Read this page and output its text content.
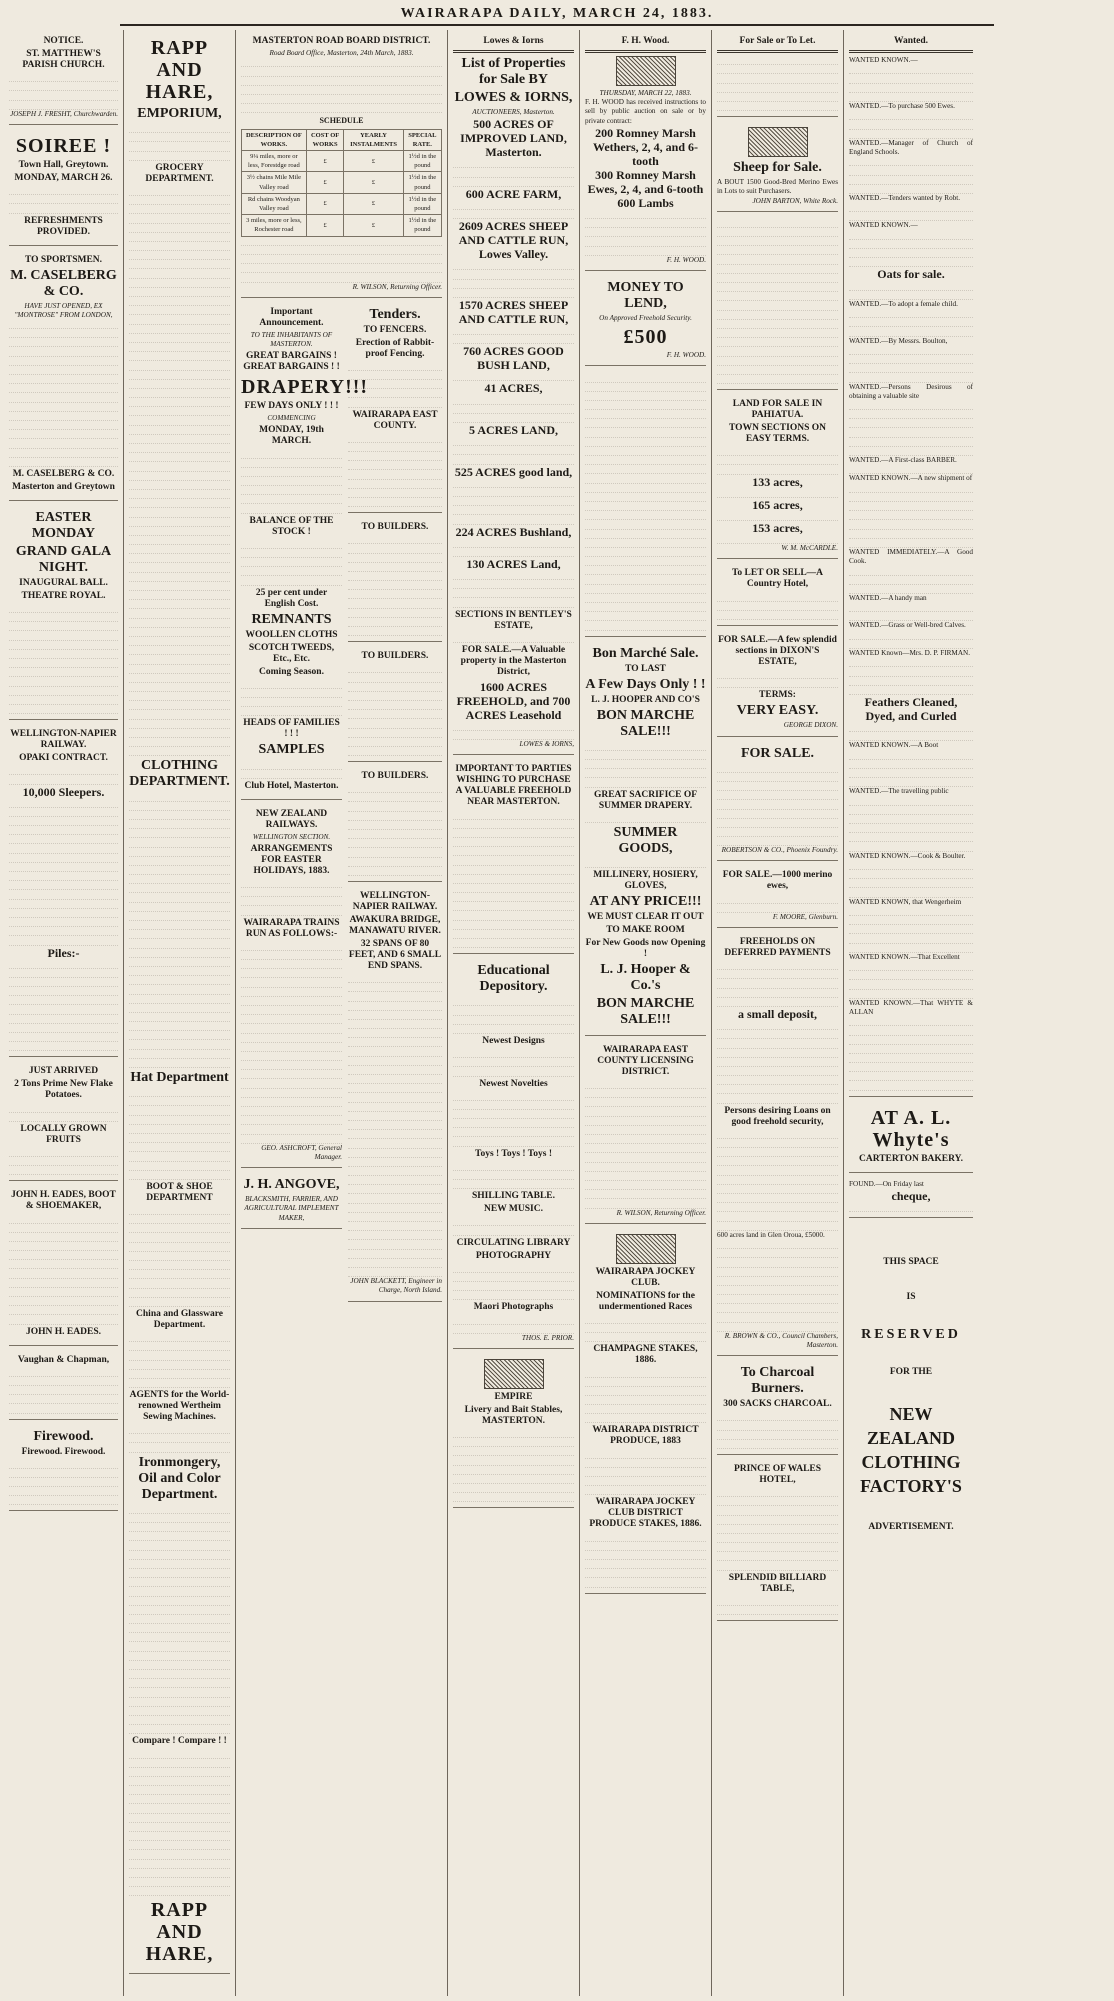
WAIRARAPA DAILY, MARCH 24, 1883.
NOTICE.
ST. MATTHEW'S PARISH CHURCH.
JOSEPH J. FRESHT, Churchwarden.
SOIREE !
Town Hall, Greytown.
MONDAY, MARCH 26.
REFRESHMENTS PROVIDED.
TO SPORTSMEN.
M. CASELBERG & CO.
HAVE JUST OPENED, EX "MONTROSE" FROM LONDON,
M. CASELBERG & CO.
Masterton and Greytown
EASTER MONDAY
GRAND GALA NIGHT.
INAUGURAL BALL.
THEATRE ROYAL.
WELLINGTON-NAPIER RAILWAY.
OPAKI CONTRACT.
10,000 Sleepers.
Piles:-
JUST ARRIVED
2 Tons Prime New Flake Potatoes.
LOCALLY GROWN FRUITS
JOHN H. EADES, BOOT & SHOEMAKER,
JOHN H. EADES.
Vaughan & Chapman,
Firewood.
Firewood. Firewood.
RAPP AND HARE,
EMPORIUM,
GROCERY DEPARTMENT.
CLOTHING DEPARTMENT.
Hat Department
BOOT & SHOE DEPARTMENT
China and Glassware Department.
AGENTS for the World-renowned Wertheim Sewing Machines.
Ironmongery, Oil and Color Department.
Compare ! Compare ! !
RAPP AND HARE,
MASTERTON ROAD BOARD DISTRICT.
Road Board Office, Masterton, 24th March, 1883.
SCHEDULE
DESCRIPTION OF WORKS.	COST OF WORKS	YEARLY INSTALMENTS	SPECIAL RATE.
9¼ miles, more or less, Forestdge road	£	£	1½d in the pound
3½ chains Mile Mile Valley road	£	£	1½d in the pound
Rd chains Woodyan Valley road	£	£	1½d in the pound
3 miles, more or less, Rochester road	£	£	1½d in the pound
R. WILSON, Returning Officer.
Important Announcement.
TO THE INHABITANTS OF MASTERTON.
GREAT BARGAINS ! GREAT BARGAINS ! !
DRAPERY!!!
FEW DAYS ONLY ! ! !
COMMENCING
MONDAY, 19th MARCH.
BALANCE OF THE STOCK !
25 per cent under English Cost.
REMNANTS
WOOLLEN CLOTHS
SCOTCH TWEEDS, Etc., Etc.
Coming Season.
HEADS OF FAMILIES ! ! !
SAMPLES
Club Hotel, Masterton.
NEW ZEALAND RAILWAYS.
WELLINGTON SECTION.
ARRANGEMENTS FOR EASTER HOLIDAYS, 1883.
WAIRARAPA TRAINS RUN AS FOLLOWS:-
GEO. ASHCROFT, General Manager.
J. H. ANGOVE,
BLACKSMITH, FARRIER, AND AGRICULTURAL IMPLEMENT MAKER,
Tenders.
TO FENCERS.
Erection of Rabbit-proof Fencing.
WAIRARAPA EAST COUNTY.
TO BUILDERS.
TO BUILDERS.
TO BUILDERS.
WELLINGTON-NAPIER RAILWAY.
AWAKURA BRIDGE, MANAWATU RIVER.
32 SPANS OF 80 FEET, AND 6 SMALL END SPANS.
JOHN BLACKETT, Engineer in Charge, North Island.
Lowes & Iorns
List of Properties for Sale BY
LOWES & IORNS,
AUCTIONEERS, Masterton.
500 ACRES OF IMPROVED LAND, Masterton.
600 ACRE FARM,
2609 ACRES SHEEP AND CATTLE RUN, Lowes Valley.
1570 ACRES SHEEP AND CATTLE RUN,
760 ACRES GOOD BUSH LAND,
41 ACRES,
5 ACRES LAND,
525 ACRES good land,
224 ACRES Bushland,
130 ACRES Land,
SECTIONS IN BENTLEY'S ESTATE,
FOR SALE.—A Valuable property in the Masterton District,
1600 ACRES FREEHOLD, and 700 ACRES Leasehold
LOWES & IORNS,
IMPORTANT TO PARTIES WISHING TO PURCHASE A VALUABLE FREEHOLD NEAR MASTERTON.
Educational Depository.
Newest Designs
Newest Novelties
Toys ! Toys ! Toys !
SHILLING TABLE.
NEW MUSIC.
CIRCULATING LIBRARY
PHOTOGRAPHY
Maori Photographs
THOS. E. PRIOR.
EMPIRE
Livery and Bait Stables, MASTERTON.
F. H. Wood.
THURSDAY, MARCH 22, 1883.
F. H. WOOD has received instructions to sell by public auction on sale or by private contract:
200 Romney Marsh Wethers, 2, 4, and 6-tooth
300 Romney Marsh Ewes, 2, 4, and 6-tooth
600 Lambs
F. H. WOOD.
MONEY TO LEND,
On Approved Freehold Security.
£500
F. H. WOOD.
Bon Marché Sale.
TO LAST
A Few Days Only ! !
L. J. HOOPER AND CO'S
BON MARCHE SALE!!!
GREAT SACRIFICE OF SUMMER DRAPERY.
SUMMER GOODS,
MILLINERY, HOSIERY, GLOVES,
AT ANY PRICE!!!
WE MUST CLEAR IT OUT
TO MAKE ROOM
For New Goods now Opening !
L. J. Hooper & Co.'s
BON MARCHE SALE!!!
WAIRARAPA EAST COUNTY LICENSING DISTRICT.
R. WILSON, Returning Officer.
WAIRARAPA JOCKEY CLUB.
NOMINATIONS for the undermentioned Races
CHAMPAGNE STAKES, 1886.
WAIRARAPA DISTRICT PRODUCE, 1883
WAIRARAPA JOCKEY CLUB DISTRICT PRODUCE STAKES, 1886.
For Sale or To Let.
Sheep for Sale.
A BOUT 1500 Good-Bred Merino Ewes in Lots to suit Purchasers.
JOHN BARTON, White Rock.
LAND FOR SALE IN PAHIATUA.
TOWN SECTIONS ON EASY TERMS.
133 acres,
165 acres,
153 acres,
W. M. McCARDLE.
To LET OR SELL—A Country Hotel,
FOR SALE.—A few splendid sections in DIXON'S ESTATE,
TERMS:
VERY EASY.
GEORGE DIXON.
FOR SALE.
ROBERTSON & CO., Phoenix Foundry.
FOR SALE.—1000 merino ewes,
F. MOORE, Glenburn.
FREEHOLDS ON DEFERRED PAYMENTS
a small deposit,
Persons desiring Loans on good freehold security,
600 acres land in Glen Oroua, £5000.
R. BROWN & CO., Council Chambers, Masterton.
To Charcoal Burners.
300 SACKS CHARCOAL.
PRINCE OF WALES HOTEL,
SPLENDID BILLIARD TABLE,
Wanted.
WANTED KNOWN.—
WANTED.—To purchase 500 Ewes.
WANTED.—Manager of Church of England Schools.
WANTED.—Tenders wanted by Robt.
WANTED KNOWN.—
Oats for sale.
WANTED.—To adopt a female child.
WANTED.—By Messrs. Boulton,
WANTED.—Persons Desirous of obtaining a valuable site
WANTED.—A First-class BARBER.
WANTED KNOWN.—A new shipment of
WANTED IMMEDIATELY.—A Good Cook.
WANTED.—A handy man
WANTED.—Grass or Well-bred Calves.
WANTED Known—Mrs. D. P. FIRMAN.
Feathers Cleaned, Dyed, and Curled
WANTED KNOWN.—A Boot
WANTED.—The travelling public
WANTED KNOWN.—Cook & Boulter.
WANTED KNOWN, that Wengerheim
WANTED KNOWN.—That Excellent
WANTED KNOWN.—That WHYTE & ALLAN
AT A. L. Whyte's
CARTERTON BAKERY.
FOUND.—On Friday last
cheque,
THIS SPACE
IS
RESERVED
FOR THE
NEW ZEALAND CLOTHING FACTORY'S
ADVERTISEMENT.
